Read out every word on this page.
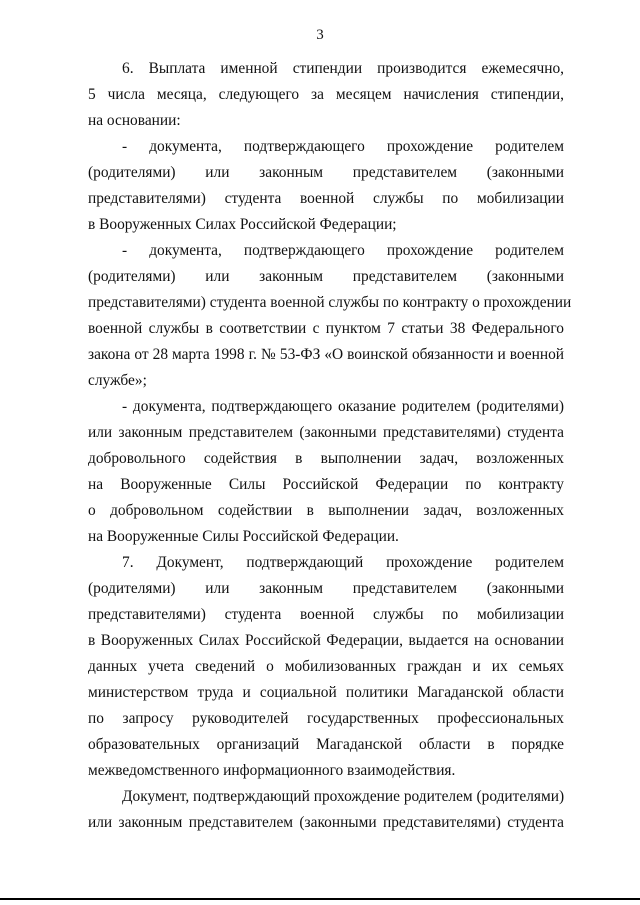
3
6. Выплата именной стипендии производится ежемесячно,
5 числа месяца, следующего за месяцем начисления стипендии,
на основании:
- документа, подтверждающего прохождение родителем
(родителями) или законным представителем (законными
представителями) студента военной службы по мобилизации
в Вооруженных Силах Российской Федерации;
- документа, подтверждающего прохождение родителем
(родителями) или законным представителем (законными
представителями) студента военной службы по контракту о прохождении
военной службы в соответствии с пунктом 7 статьи 38 Федерального
закона от 28 марта 1998 г. № 53-ФЗ «О воинской обязанности и военной
службе»;
- документа, подтверждающего оказание родителем (родителями)
или законным представителем (законными представителями) студента
добровольного содействия в выполнении задач, возложенных
на Вооруженные Силы Российской Федерации по контракту
о добровольном содействии в выполнении задач, возложенных
на Вооруженные Силы Российской Федерации.
7. Документ, подтверждающий прохождение родителем
(родителями) или законным представителем (законными
представителями) студента военной службы по мобилизации
в Вооруженных Силах Российской Федерации, выдается на основании
данных учета сведений о мобилизованных граждан и их семьях
министерством труда и социальной политики Магаданской области
по запросу руководителей государственных профессиональных
образовательных организаций Магаданской области в порядке
межведомственного информационного взаимодействия.
Документ, подтверждающий прохождение родителем (родителями)
или законным представителем (законными представителями) студента
